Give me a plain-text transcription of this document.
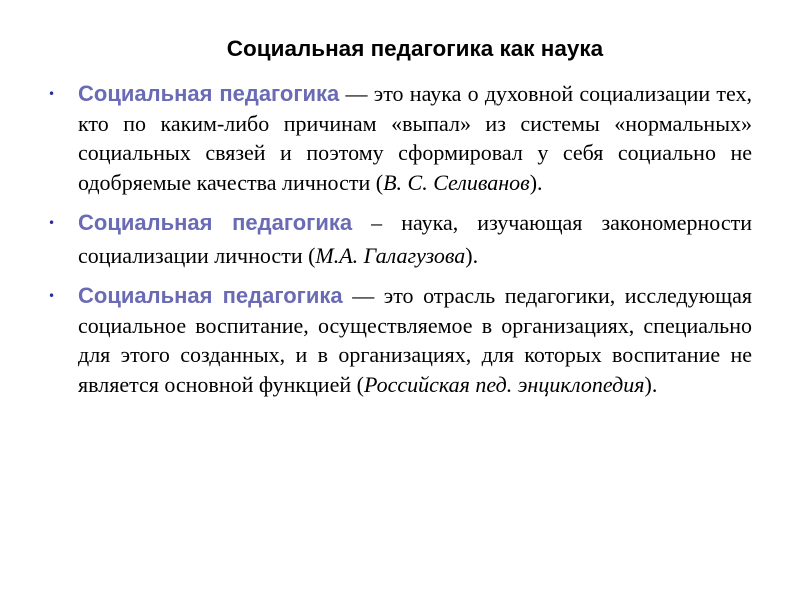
Социальная педагогика как наука
• Социальная педагогика — это наука о духовной социализации тех, кто по каким-либо причинам «выпал» из системы «нормальных» социальных связей и поэтому сформировал у себя социально не одобряемые качества личности (В. С. Селиванов).
• Социальная педагогика – наука, изучающая закономерности социализации личности (М.А. Галагузова).
• Социальная педагогика — это отрасль педагогики, исследующая социальное воспитание, осуществляемое в организациях, специально для этого созданных, и в организациях, для которых воспитание не является основной функцией (Российская пед. энциклопедия).
